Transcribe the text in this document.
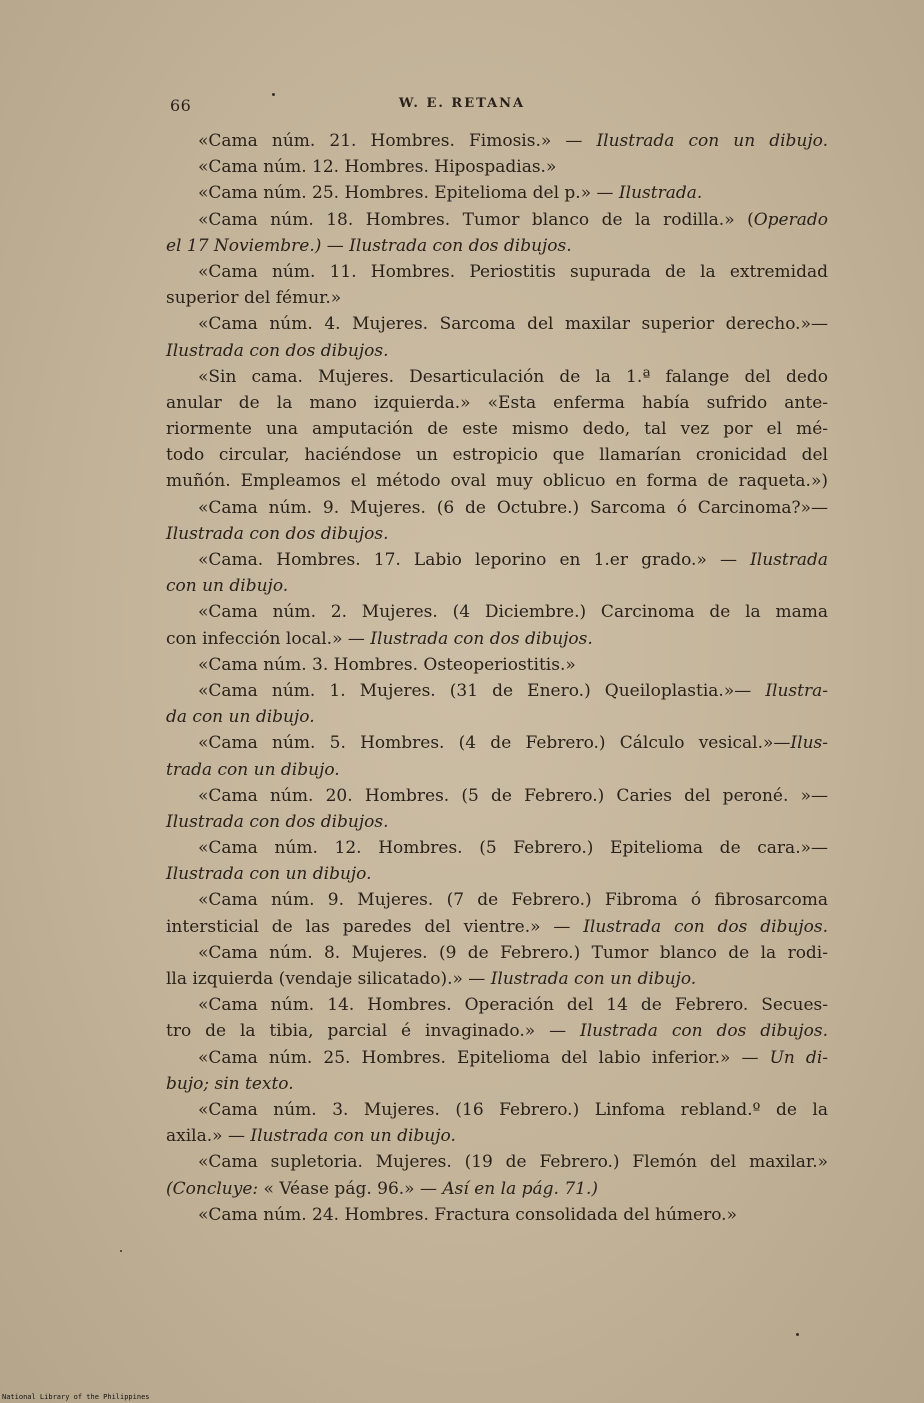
66	W. E. RETANA
«Cama núm. 21. Hombres. Fimosis.» — Ilustrada con un dibujo.
«Cama núm. 12. Hombres. Hipospadias.»
«Cama núm. 25. Hombres. Epitelioma del p.» — Ilustrada.
«Cama núm. 18. Hombres. Tumor blanco de la rodilla.» (Operado
el 17 Noviembre.) — Ilustrada con dos dibujos.
«Cama núm. 11. Hombres. Periostitis supurada de la extremidad
superior del fémur.»
«Cama núm. 4. Mujeres. Sarcoma del maxilar superior derecho.»—
Ilustrada con dos dibujos.
«Sin cama. Mujeres. Desarticulación de la 1.ª falange del dedo
anular de la mano izquierda.» «Esta enferma había sufrido ante-
riormente una amputación de este mismo dedo, tal vez por el mé-
todo circular, haciéndose un estropicio que llamarían cronicidad del
muñón. Empleamos el método oval muy oblicuo en forma de raqueta.»)
«Cama núm. 9. Mujeres. (6 de Octubre.) Sarcoma ó Carcinoma?»—
Ilustrada con dos dibujos.
«Cama. Hombres. 17. Labio leporino en 1.er grado.» — Ilustrada
con un dibujo.
«Cama núm. 2. Mujeres. (4 Diciembre.) Carcinoma de la mama
con infección local.» — Ilustrada con dos dibujos.
«Cama núm. 3. Hombres. Osteoperiostitis.»
«Cama núm. 1. Mujeres. (31 de Enero.) Queiloplastia.»— Ilustra-
da con un dibujo.
«Cama núm. 5. Hombres. (4 de Febrero.) Cálculo vesical.»—Ilus-
trada con un dibujo.
«Cama núm. 20. Hombres. (5 de Febrero.) Caries del peroné. »—
Ilustrada con dos dibujos.
«Cama núm. 12. Hombres. (5 Febrero.) Epitelioma de cara.»—
Ilustrada con un dibujo.
«Cama núm. 9. Mujeres. (7 de Febrero.) Fibroma ó fibrosarcoma
intersticial de las paredes del vientre.» — Ilustrada con dos dibujos.
«Cama núm. 8. Mujeres. (9 de Febrero.) Tumor blanco de la rodi-
lla izquierda (vendaje silicatado).» — Ilustrada con un dibujo.
«Cama núm. 14. Hombres. Operación del 14 de Febrero. Secues-
tro de la tibia, parcial é invaginado.» — Ilustrada con dos dibujos.
«Cama núm. 25. Hombres. Epitelioma del labio inferior.» — Un di-
bujo; sin texto.
«Cama núm. 3. Mujeres. (16 Febrero.) Linfoma rebland.º de la
axila.» — Ilustrada con un dibujo.
«Cama supletoria. Mujeres. (19 de Febrero.) Flemón del maxilar.»
(Concluye: « Véase pág. 96.» — Así en la pág. 71.)
«Cama núm. 24. Hombres. Fractura consolidada del húmero.»
National Library of the Philippines
